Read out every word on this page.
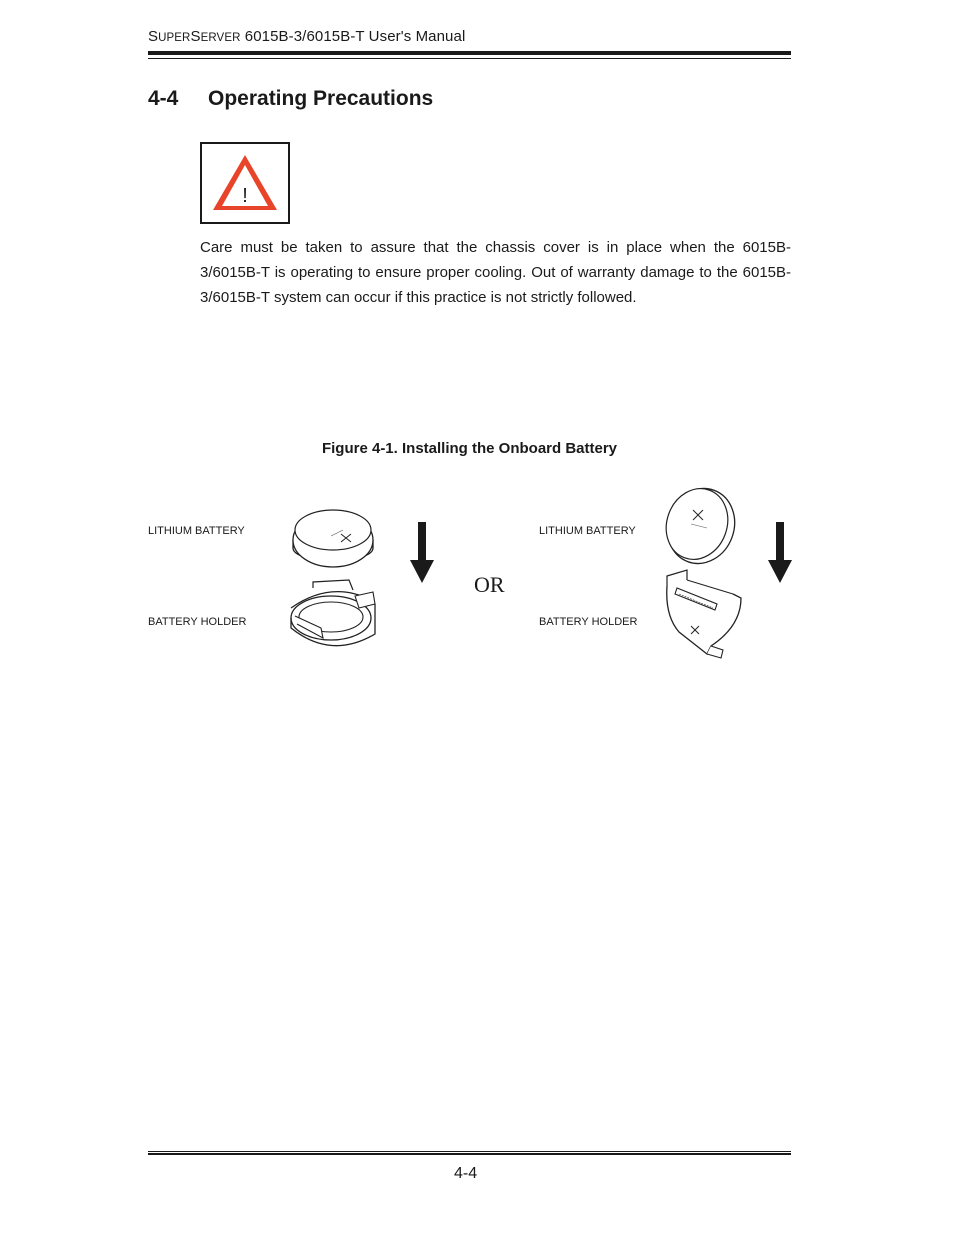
SUPERSERVER 6015B-3/6015B-T User's Manual
4-4 Operating Precautions
!
Care must be taken to assure that the chassis cover is in place when the 6015B-3/6015B-T is operating to ensure proper cooling. Out of warranty damage to the 6015B-3/6015B-T system can occur if this practice is not strictly followed.
Figure 4-1. Installing the Onboard Battery
LITHIUM BATTERY
BATTERY HOLDER
OR
LITHIUM BATTERY
BATTERY HOLDER
4-4
